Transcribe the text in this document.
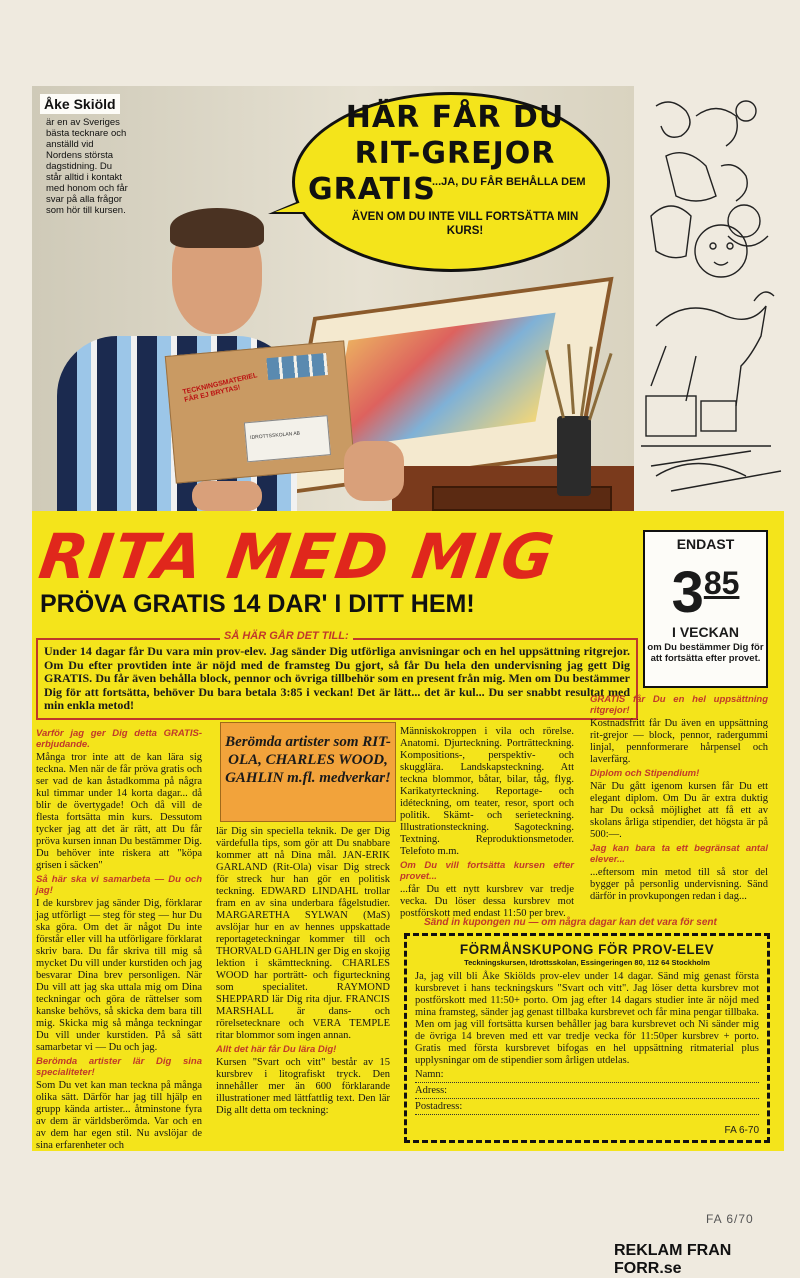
TECKNINGSMATERIEL FÅR EJ BRYTAS!
IDROTTSSKOLAN AB
Åke Skiöld

är en av Sveriges bästa tecknare och anställd vid Nordens största dagstidning. Du står alltid i kontakt med honom och får svar på alla frågor som hör till kursen.

HÄR FÅR DU
RIT-GREJOR
GRATIS
...JA, DU FÅR BEHÅLLA DEM
ÄVEN OM DU INTE VILL FORTSÄTTA MIN KURS!
RITA MED MIG
PRÖVA GRATIS 14 DAR' I DITT HEM!
ENDAST
$3^{85}$
I VECKAN
om Du bestämmer Dig för att fortsätta efter provet.
Under 14 dagar får Du vara min prov-elev. Jag sänder Dig utförliga anvisningar och en hel uppsättning ritgrejor. Om Du efter provtiden inte är nöjd med de framsteg Du gjort, så får Du hela den undervisning jag gett Dig GRATIS. Du får även behålla block, pennor och övriga tillbehör som en present från mig. Men om Du bestämmer Dig för att fortsätta, behöver Du bara betala 3:85 i veckan! Det är lätt... det är kul... Du ser snabbt resultat med min enkla metod!
SÅ HÄR GÅR DET TILL:
Varför jag ger Dig detta GRATIS-erbjudande.

Många tror inte att de kan lära sig teckna. Men när de får pröva gratis och ser vad de kan åstadkomma på några kul timmar under 14 korta dagar... då blir de övertygade! Och då vill de flesta fortsätta min kurs. Dessutom tycker jag att det är rätt, att Du får pröva kursen innan Du bestämmer Dig. Du behöver inte riskera att "köpa grisen i säcken"

Så här ska vi samarbeta — Du och jag!

I de kursbrev jag sänder Dig, förklarar jag utförligt — steg för steg — hur Du ska göra. Om det är något Du inte förstår eller vill ha utförligare förklarat skriv bara. Du får skriva till mig så mycket Du vill under kurstiden och jag besvarar Dina brev personligen. När Du vill att jag ska uttala mig om Dina teckningar och göra de rättelser som kanske behövs, så skicka dem bara till mig. Skicka mig så många teckningar Du vill under kurstiden. På så sätt samarbetar vi — Du och jag.

Berömda artister lär Dig sina specialiteter!

Som Du vet kan man teckna på många olika sätt. Därför har jag till hjälp en grupp kända artister... åtminstone fyra av dem är världsberömda. Var och en av dem har egen stil. Nu avslöjar de sina erfarenheter och

Berömda artister som RIT-OLA, CHARLES WOOD, GAHLIN m.fl. medverkar!

lär Dig sin speciella teknik. De ger Dig värdefulla tips, som gör att Du snabbare kommer att nå Dina mål. JAN-ERIK GARLAND (Rit-Ola) visar Dig streck för streck hur han gör en politisk teckning. EDWARD LINDAHL trollar fram en av sina underbara fågelstudier. MARGARETHA SYLWAN (MaS) avslöjar hur en av hennes uppskattade reportageteckningar kommer till och THORVALD GAHLIN ger Dig en skojig lektion i skämtteckning. CHARLES WOOD har porträtt- och figurteckning som specialitet. RAYMOND SHEPPARD lär Dig rita djur. FRANCIS MARSHALL är dans- och rörelsetecknare och VERA TEMPLE ritar blommor som ingen annan.

Allt det här får Du lära Dig!

Kursen "Svart och vitt" består av 15 kursbrev i litografiskt tryck. Den innehåller mer än 600 förklarande illustrationer med lättfattlig text. Den lär Dig allt detta om teckning:

Människokroppen i vila och rörelse. Anatomi. Djurteckning. Porträtteckning. Kompositions-, perspektiv- och skugglära. Landskapsteckning. Att teckna blommor, båtar, bilar, tåg, flyg. Karikatyrteckning. Reportage- och idéteckning, om teater, resor, sport och politik. Skämt- och serieteckning. Illustrationsteckning. Sagoteckning. Textning. Reproduktionsmetoder. Telefoto m.m.

Om Du vill fortsätta kursen efter provet...

...får Du ett nytt kursbrev var tredje vecka. Du löser dessa kursbrev mot postförskott med endast 11:50 per brev.

GRATIS får Du en hel uppsättning ritgrejor!

Kostnadsfritt får Du även en uppsättning rit-grejor — block, pennor, radergummi linjal, pennformerare hårpensel och laverfärg.

Diplom och Stipendium!

När Du gått igenom kursen får Du ett elegant diplom. Om Du är extra duktig har Du också möjlighet att få ett av skolans årliga stipendier, det högsta är på 500:—.

Jag kan bara ta ett begränsat antal elever...

...eftersom min metod till så stor del bygger på personlig undervisning. Sänd därför in provkupongen redan i dag...

Sänd in kupongen nu — om några dagar kan det vara för sent
FÖRMÅNSKUPONG FÖR PROV-ELEV
Teckningskursen, Idrottsskolan, Essingeringen 80, 112 64 Stockholm
Ja, jag vill bli Åke Skiölds prov-elev under 14 dagar. Sänd mig genast första kursbrevet i hans teckningskurs "Svart och vitt". Jag löser detta kursbrev mot postförskott med 11:50+ porto. Om jag efter 14 dagars studier inte är nöjd med mina framsteg, sänder jag genast tillbaka kursbrevet och får mina pengar tillbaka. Men om jag vill fortsätta kursen behåller jag bara kursbrevet och Ni sänder mig de övriga 14 breven med ett var tredje vecka för 11:50per kursbrev + porto. Gratis med första kursbrevet bifogas en hel uppsättning ritmaterial plus upplysningar om de stipendier som årligen utdelas.
Namn:
Adress:
Postadress:
FA 6-70
FA 6/70
REKLAM FRAN FORR.se
